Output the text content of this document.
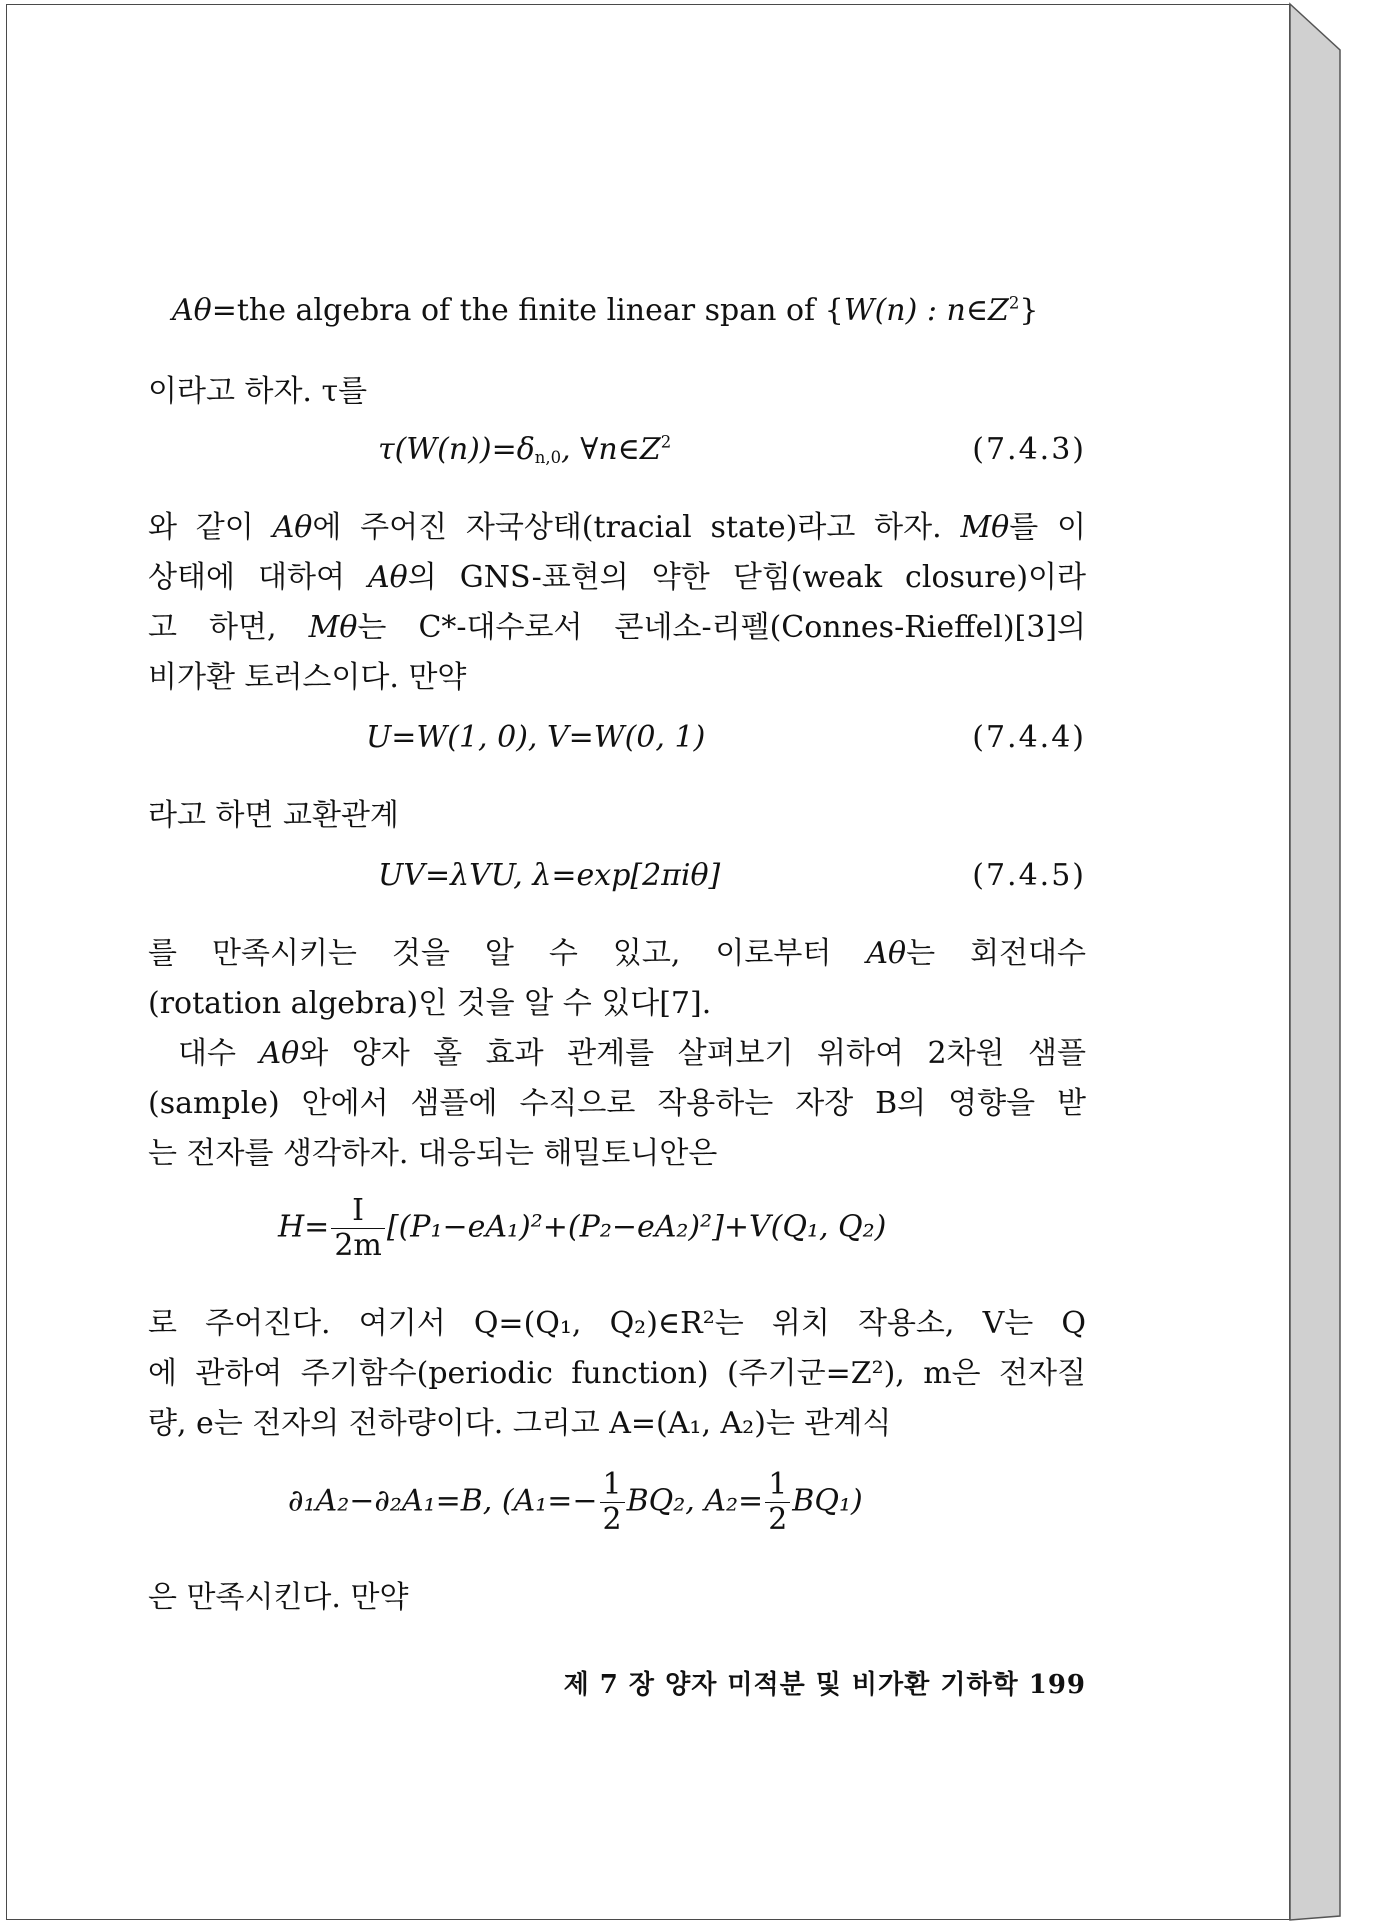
Aθ=the algebra of the finite linear span of {W(n) : $n\in Z^2$}
이라고 하자. τ를
$\tau(W(n))=\delta_{n,0}$, $\forall n\in Z^2$	(7.4.3)
와 같이 Aθ에 주어진 자국상태(tracial state)라고 하자. Mθ를 이
상태에 대하여 Aθ의 GNS-표현의 약한 닫힘(weak closure)이라
고 하면, Mθ는 C*-대수로서 콘네소-리펠(Connes-Rieffel)[3]의
비가환 토러스이다. 만약
U=W(1, 0), V=W(0, 1)	(7.4.4)
라고 하면 교환관계
UV=λVU, λ=exp[2πiθ]	(7.4.5)
를 만족시키는 것을 알 수 있고, 이로부터 Aθ는 회전대수
(rotation algebra)인 것을 알 수 있다[7].
대수 Aθ와 양자 홀 효과 관계를 살펴보기 위하여 2차원 샘플
(sample) 안에서 샘플에 수직으로 작용하는 자장 B의 영향을 받
는 전자를 생각하자. 대응되는 해밀토니안은
$H= \frac{I}{2m} [(P_1-eA_1)^2+(P_2-eA_2)^2]+V(Q_1$, Q₂)
로 주어진다. 여기서 Q=(Q₁, Q₂)∈R²는 위치 작용소, V는 Q
에 관하여 주기함수(periodic function) (주기군=Z²), m은 전자질
량, e는 전자의 전하량이다. 그리고 A=(A₁, A₂)는 관계식
∂₁A₂−∂₂A₁=B, ($A_1=- \frac{1}{2} BQ_2$, $A_2= \frac{1}{2} BQ_1$)
은 만족시킨다. 만약
제 7 장 양자 미적분 및 비가환 기하학 199
